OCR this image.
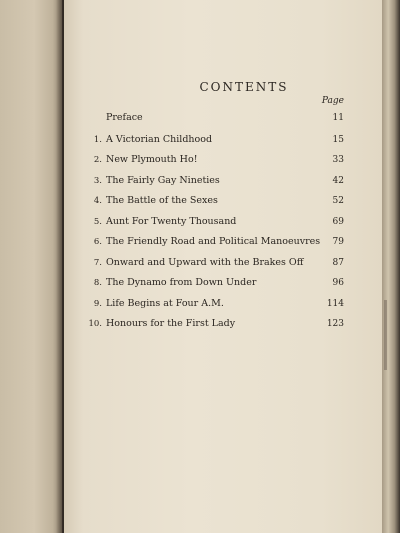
CONTENTS
Page
Preface	11
1. A Victorian Childhood	15
2. New Plymouth Ho!	33
3. The Fairly Gay Nineties	42
4. The Battle of the Sexes	52
5. Aunt For Twenty Thousand	69
6. The Friendly Road and Political Manoeuvres	79
7. Onward and Upward with the Brakes Off	87
8. The Dynamo from Down Under	96
9. Life Begins at Four A.M.	114
10. Honours for the First Lady	123
